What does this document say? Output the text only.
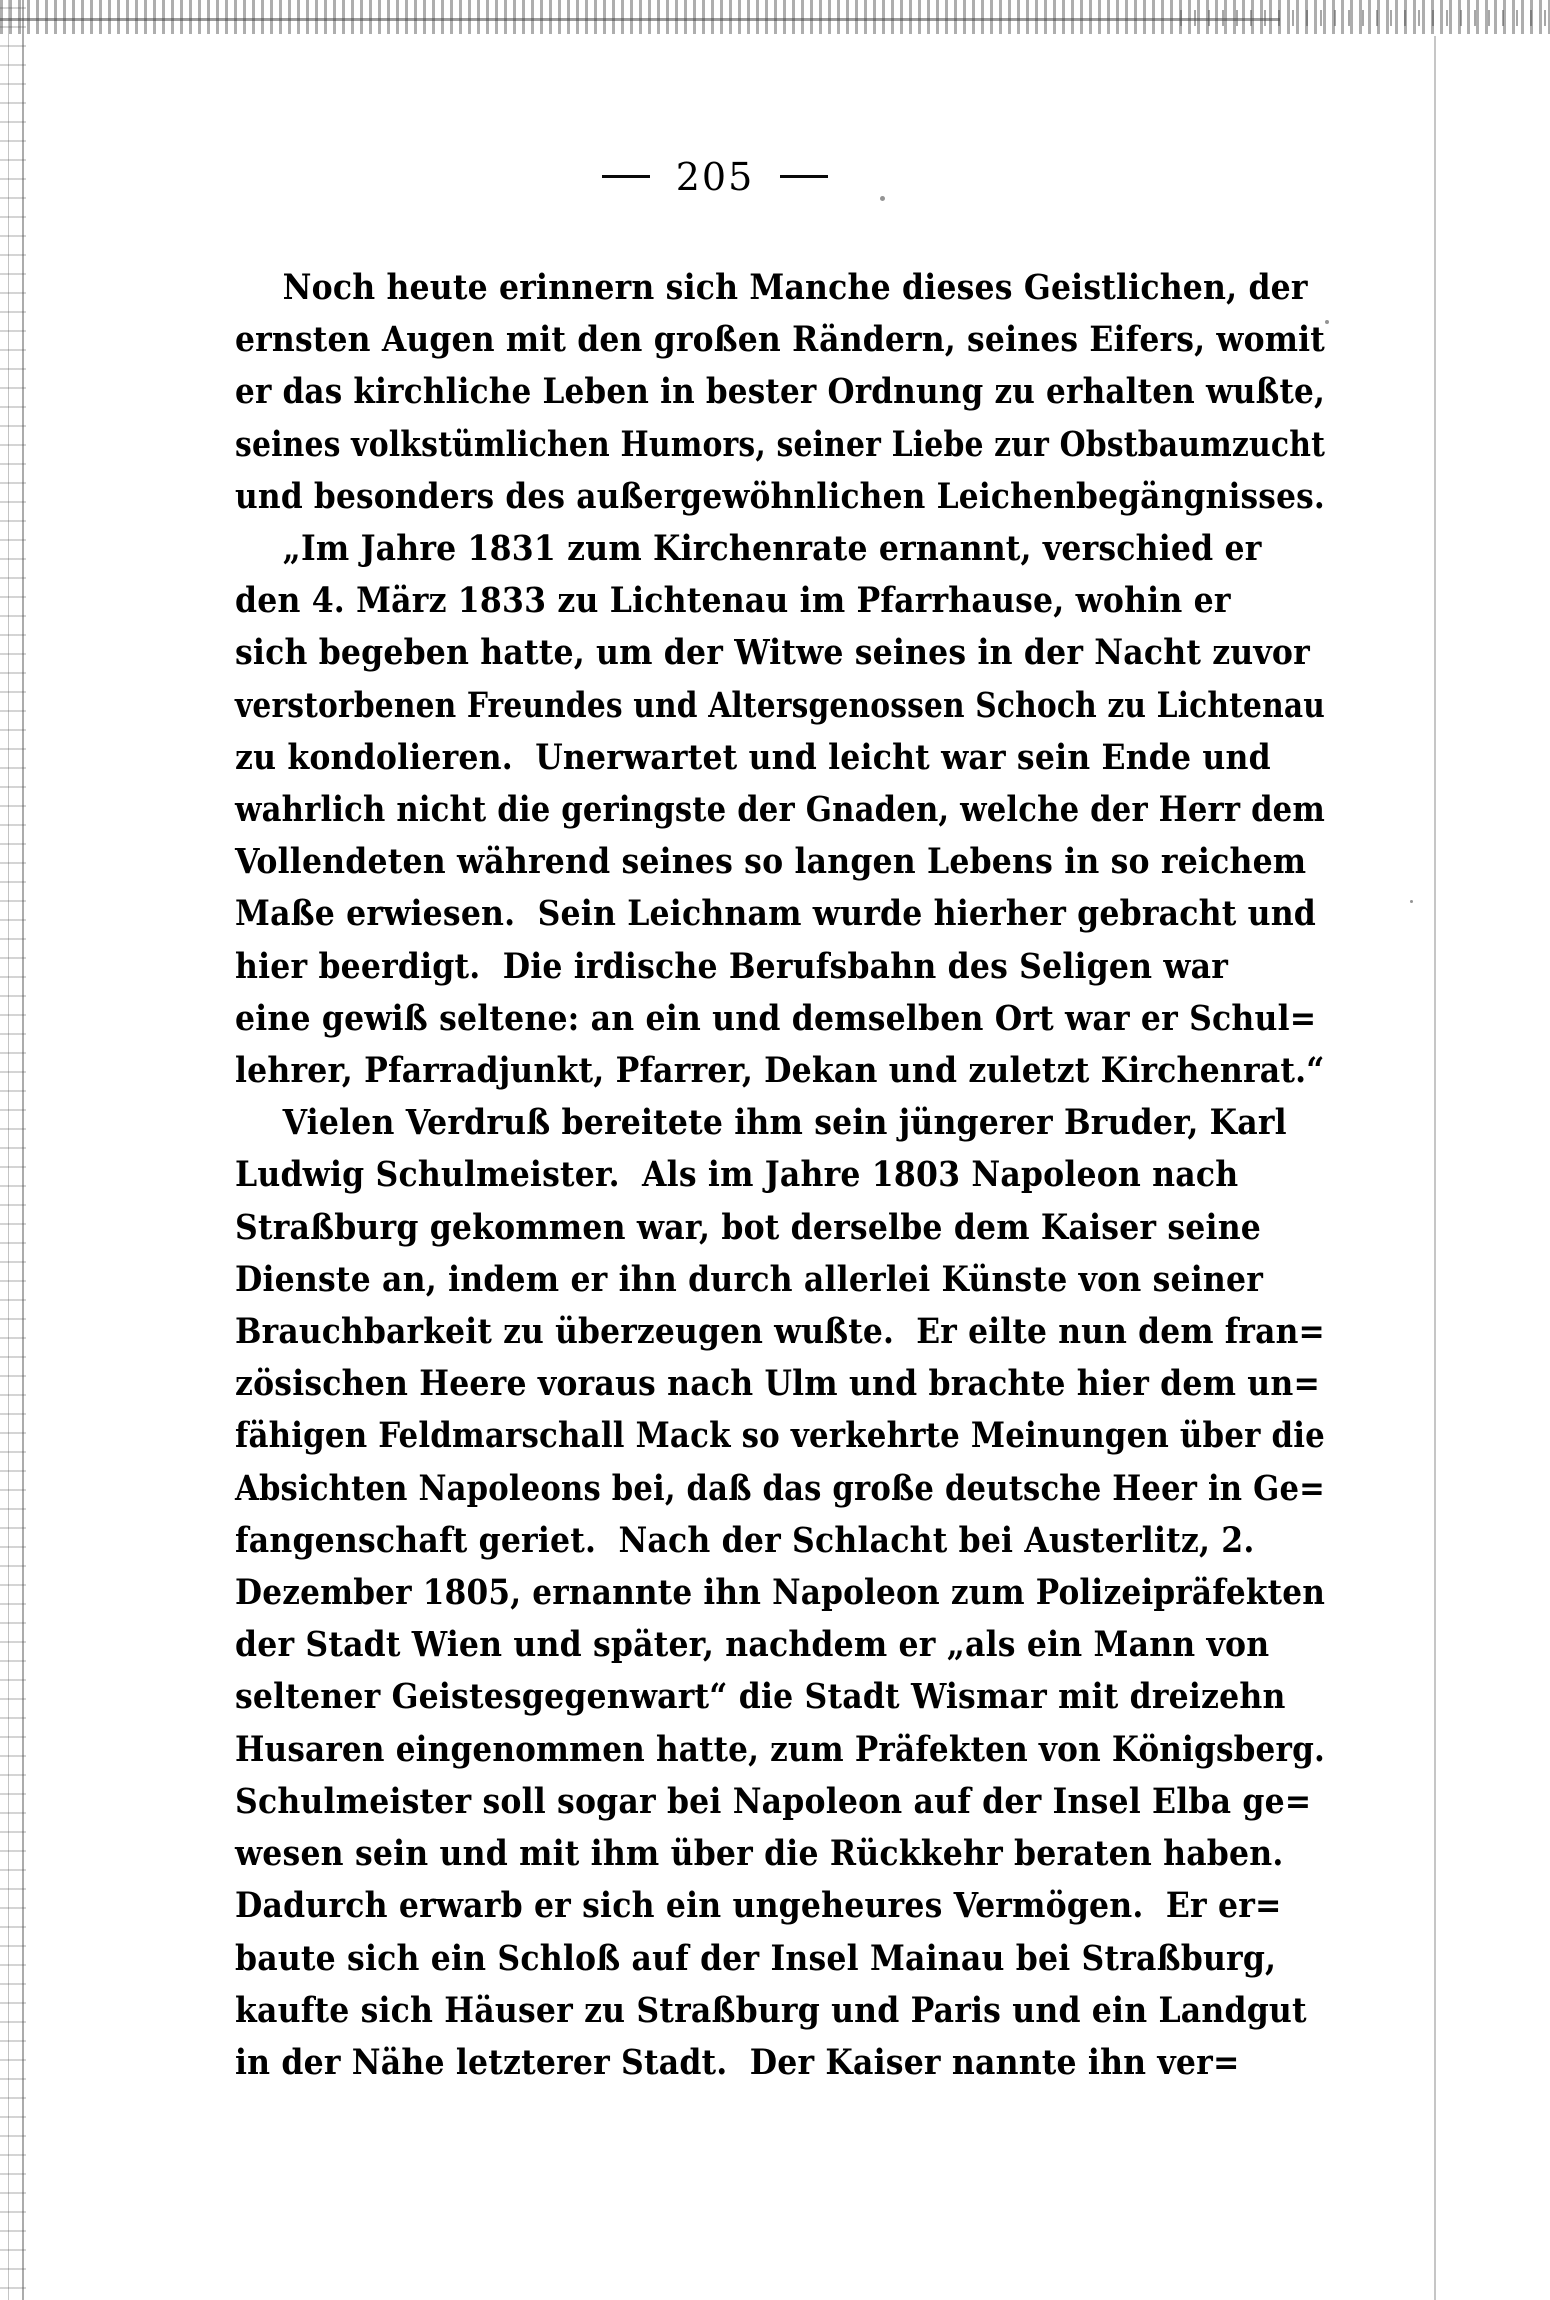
205

  Noch heute erinnern sich Manche dieses Geistlichen, der
ernsten Augen mit den großen Rändern, seines Eifers, womit
er das kirchliche Leben in bester Ordnung zu erhalten wußte,
seines volkstümlichen Humors, seiner Liebe zur Obstbaumzucht
und besonders des außergewöhnlichen Leichenbegängnisses.

  „Im Jahre 1831 zum Kirchenrate ernannt, verschied er
den 4. März 1833 zu Lichtenau im Pfarrhause, wohin er
sich begeben hatte, um der Witwe seines in der Nacht zuvor
verstorbenen Freundes und Altersgenossen Schoch zu Lichtenau
zu kondolieren.  Unerwartet und leicht war sein Ende und
wahrlich nicht die geringste der Gnaden, welche der Herr dem
Vollendeten während seines so langen Lebens in so reichem
Maße erwiesen.  Sein Leichnam wurde hierher gebracht und
hier beerdigt.  Die irdische Berufsbahn des Seligen war
eine gewiß seltene: an ein und demselben Ort war er Schul=
lehrer, Pfarradjunkt, Pfarrer, Dekan und zuletzt Kirchenrat.“

  Vielen Verdruß bereitete ihm sein jüngerer Bruder, Karl
Ludwig Schulmeister.  Als im Jahre 1803 Napoleon nach
Straßburg gekommen war, bot derselbe dem Kaiser seine
Dienste an, indem er ihn durch allerlei Künste von seiner
Brauchbarkeit zu überzeugen wußte.  Er eilte nun dem fran=
zösischen Heere voraus nach Ulm und brachte hier dem un=
fähigen Feldmarschall Mack so verkehrte Meinungen über die
Absichten Napoleons bei, daß das große deutsche Heer in Ge=
fangenschaft geriet.  Nach der Schlacht bei Austerlitz, 2.
Dezember 1805, ernannte ihn Napoleon zum Polizeipräfekten
der Stadt Wien und später, nachdem er „als ein Mann von
seltener Geistesgegenwart“ die Stadt Wismar mit dreizehn
Husaren eingenommen hatte, zum Präfekten von Königsberg.
Schulmeister soll sogar bei Napoleon auf der Insel Elba ge=
wesen sein und mit ihm über die Rückkehr beraten haben.
Dadurch erwarb er sich ein ungeheures Vermögen.  Er er=
baute sich ein Schloß auf der Insel Mainau bei Straßburg,
kaufte sich Häuser zu Straßburg und Paris und ein Landgut
in der Nähe letzterer Stadt.  Der Kaiser nannte ihn ver=
